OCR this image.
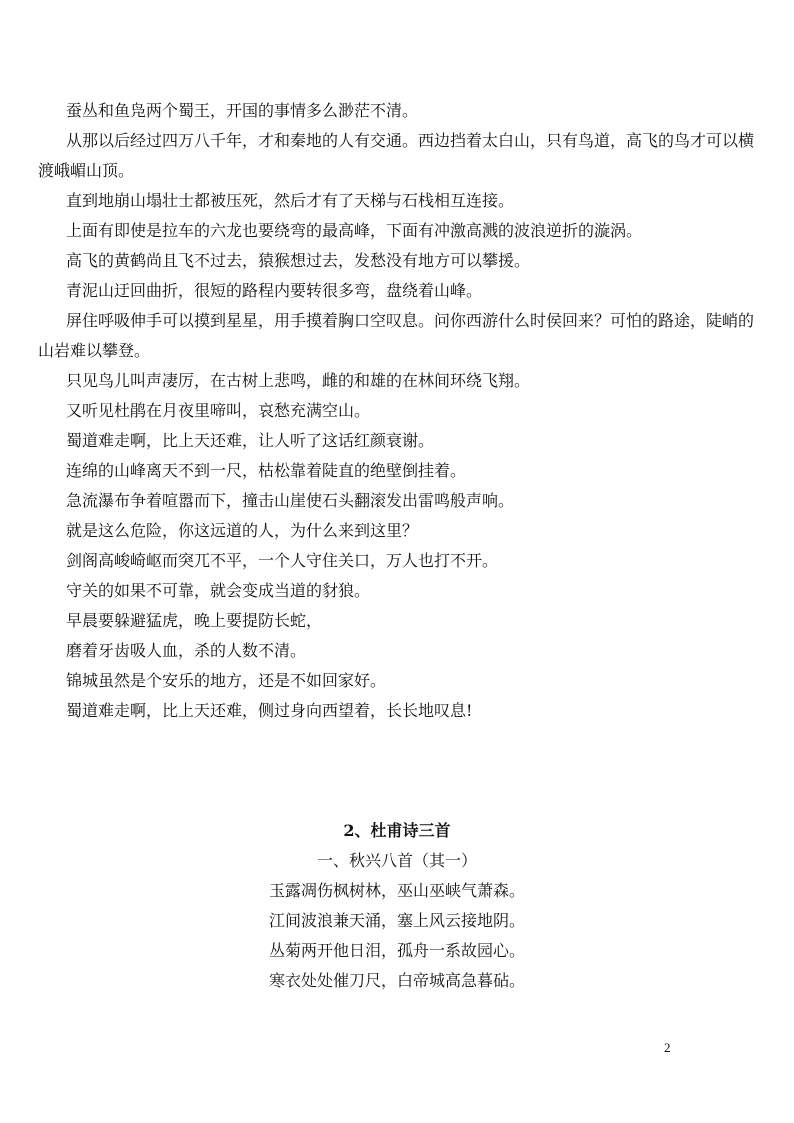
蚕丛和鱼凫两个蜀王，开国的事情多么渺茫不清。

从那以后经过四万八千年，才和秦地的人有交通。西边挡着太白山，只有鸟道，高飞的鸟才可以横渡峨嵋山顶。

直到地崩山塌壮士都被压死，然后才有了天梯与石栈相互连接。

上面有即使是拉车的六龙也要绕弯的最高峰，下面有冲激高溅的波浪逆折的漩涡。

高飞的黄鹤尚且飞不过去，猿猴想过去，发愁没有地方可以攀援。

青泥山迂回曲折，很短的路程内要转很多弯，盘绕着山峰。

屏住呼吸伸手可以摸到星星，用手摸着胸口空叹息。问你西游什么时侯回来？可怕的路途，陡峭的山岩难以攀登。

只见鸟儿叫声凄厉，在古树上悲鸣，雌的和雄的在林间环绕飞翔。

又听见杜鹃在月夜里啼叫，哀愁充满空山。

蜀道难走啊，比上天还难，让人听了这话红颜衰谢。

连绵的山峰离天不到一尺，枯松靠着陡直的绝壁倒挂着。

急流瀑布争着喧嚣而下，撞击山崖使石头翻滚发出雷鸣般声响。

就是这么危险，你这远道的人，为什么来到这里？

剑阁高峻崎岖而突兀不平，一个人守住关口，万人也打不开。

守关的如果不可靠，就会变成当道的豺狼。

早晨要躲避猛虎，晚上要提防长蛇，

磨着牙齿吸人血，杀的人数不清。

锦城虽然是个安乐的地方，还是不如回家好。

蜀道难走啊，比上天还难，侧过身向西望着，长长地叹息!

2、杜甫诗三首

一、秋兴八首（其一）

玉露凋伤枫树林，巫山巫峡气萧森。

江间波浪兼天涌，塞上风云接地阴。

丛菊两开他日泪，孤舟一系故园心。

寒衣处处催刀尺，白帝城高急暮砧。

2
